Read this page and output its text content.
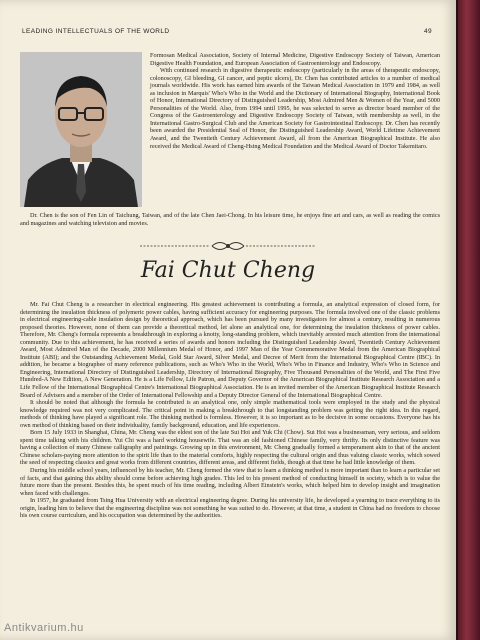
LEADING INTELLECTUALS OF THE WORLD	49

Formosan Medical Association, Society of Internal Medicine, Digestive Endoscopy Society of Taiwan, American Digestive Health Foundation, and European Association of Gastroenterology and Endoscopy.

With continued research in digestive therapeutic endoscopy (particularly in the areas of therapeutic endoscopy, colonoscopy, GI bleeding, GI cancer, and peptic ulcers), Dr. Chen has contributed articles to a number of medical journals worldwide. His work has earned him awards of the Taiwan Medical Association in 1979 and 1984, as well as inclusion in Marquis' Who's Who in the World and the Dictionary of International Biography, International Book of Honor, International Directory of Distinguished Leadership, Most Admired Men & Women of the Year, and 5000 Personalities of the World. Also, from 1994 until 1995, he was selected to serve as director board member of the Congress of the Gastroenterology and Digestive Endoscopy Society of Taiwan, with membership as well, in the International Gastro-Surgical Club and the American Society for Gastrointestinal Endoscopy. Dr. Chen has recently been awarded the Presidential Seal of Honor, the Distinguished Leadership Award, World Lifetime Achievement Award, and the Twentieth Century Achievement Award, all from the American Biographical Institute. He also received the Medical Award of Cheng-Hsing Medical Foundation and the Medical Award of Doctor Takemitaro.

Dr. Chen is the son of Fen Lin of Taichung, Taiwan, and of the late Chen Jaei-Chong. In his leisure time, he enjoys fine art and cars, as well as reading the comics and magazines and watching television and movies.

Fai Chut Cheng

Mr. Fai Chut Cheng is a researcher in electrical engineering. His greatest achievement is contributing a formula, an analytical expression of closed form, for determining the insulation thickness of polymeric power cables, having sufficient accuracy for engineering purposes. The formula involved one of the classic problems in electrical engineering-cable insulation design by theoretical approach, which has been pursued by many investigators for almost a century, resulting in numerous proposed theories. However, none of them can provide a theoretical method, let alone an analytical one, for determining the insulation thickness of power cables. Therefore, Mr. Cheng's formula represents a breakthrough in exploring a knotty, long-standing problem, which inevitably arrested much attention from the international community. Due to this achievement, he has received a series of awards and honors including the Distinguished Leadership Award, Twentieth Century Achievement Award, Most Admired Man of the Decade, 2000 Millennium Medal of Honor, and 1997 Man of the Year Commemorative Medal from the American Biographical Institute (ABI); and the Outstanding Achievement Medal, Gold Star Award, Silver Medal, and Decree of Merit from the International Biographical Centre (IBC). In addition, he became a biographee of many reference publications, such as Who's Who in the World, Who's Who in Finance and Industry, Who's Who in Science and Engineering, International Directory of Distinguished Leadership, Directory of International Biography, Five Thousand Personalities of the World, and The First Five Hundred-A New Edition, A New Generation. He is a Life Fellow, Life Patron, and Deputy Governor of the American Biographical Institute Research Association and a Life Fellow of the International Biographical Centre's International Biographical Association. He is an invited member of the American Biographical Institute Research Board of Advisers and a member of the Order of International Fellowship and a Deputy Director General of the International Biographical Centre.

It should be noted that although the formula he contributed is an analytical one, only simple mathematical tools were employed in the study and the physical knowledge required was not very complicated. The critical point in making a breakthrough to that longstanding problem was getting the right idea. In this regard, methods of thinking have played a significant role. The thinking method is formless. However, it is so important as to be decisive in some occasions. Everyone has his own method of thinking based on their individuality, family background, education, and life experiences.

Born 15 July 1933 in Shanghai, China, Mr. Cheng was the eldest son of the late Sui Hoi and Yuk Chi (Chow). Sui Hoi was a businessman, very serious, and seldom spent time talking with his children. Yui Chi was a hard working housewife. That was an old fashioned Chinese family, very thrifty. Its only distinctive feature was having a collection of many Chinese calligraphy and paintings. Growing up in this environment, Mr. Cheng gradually formed a temperament akin to that of the ancient Chinese scholars-paying more attention to the spirit life than to the material comforts, highly respecting the cultural origin and thus valuing classic works, which sowed the seed of respecting classics and great works from different countries, different areas, and different fields, though at that time he had little knowledge of them.

During his middle school years, influenced by his teacher, Mr. Cheng formed the view that to learn a thinking method is more important than to learn a particular set of facts, and that gaining this ability should come before achieving high grades. This led to his present method of conducting himself in society, which is to value the future more than the present. Besides this, he spent much of his time reading, including Albert Einstein's works, which helped him to develop insight and imagination when faced with challenges.

In 1957, he graduated from Tsing Hua University with an electrical engineering degree. During his university life, he developed a yearning to trace everything to its origin, leading him to believe that the engineering discipline was not something he was suited to do. However, at that time, a student in China had no freedom to choose his own course curriculum, and his occupation was determined by the authorities.

Antikvarium.hu
